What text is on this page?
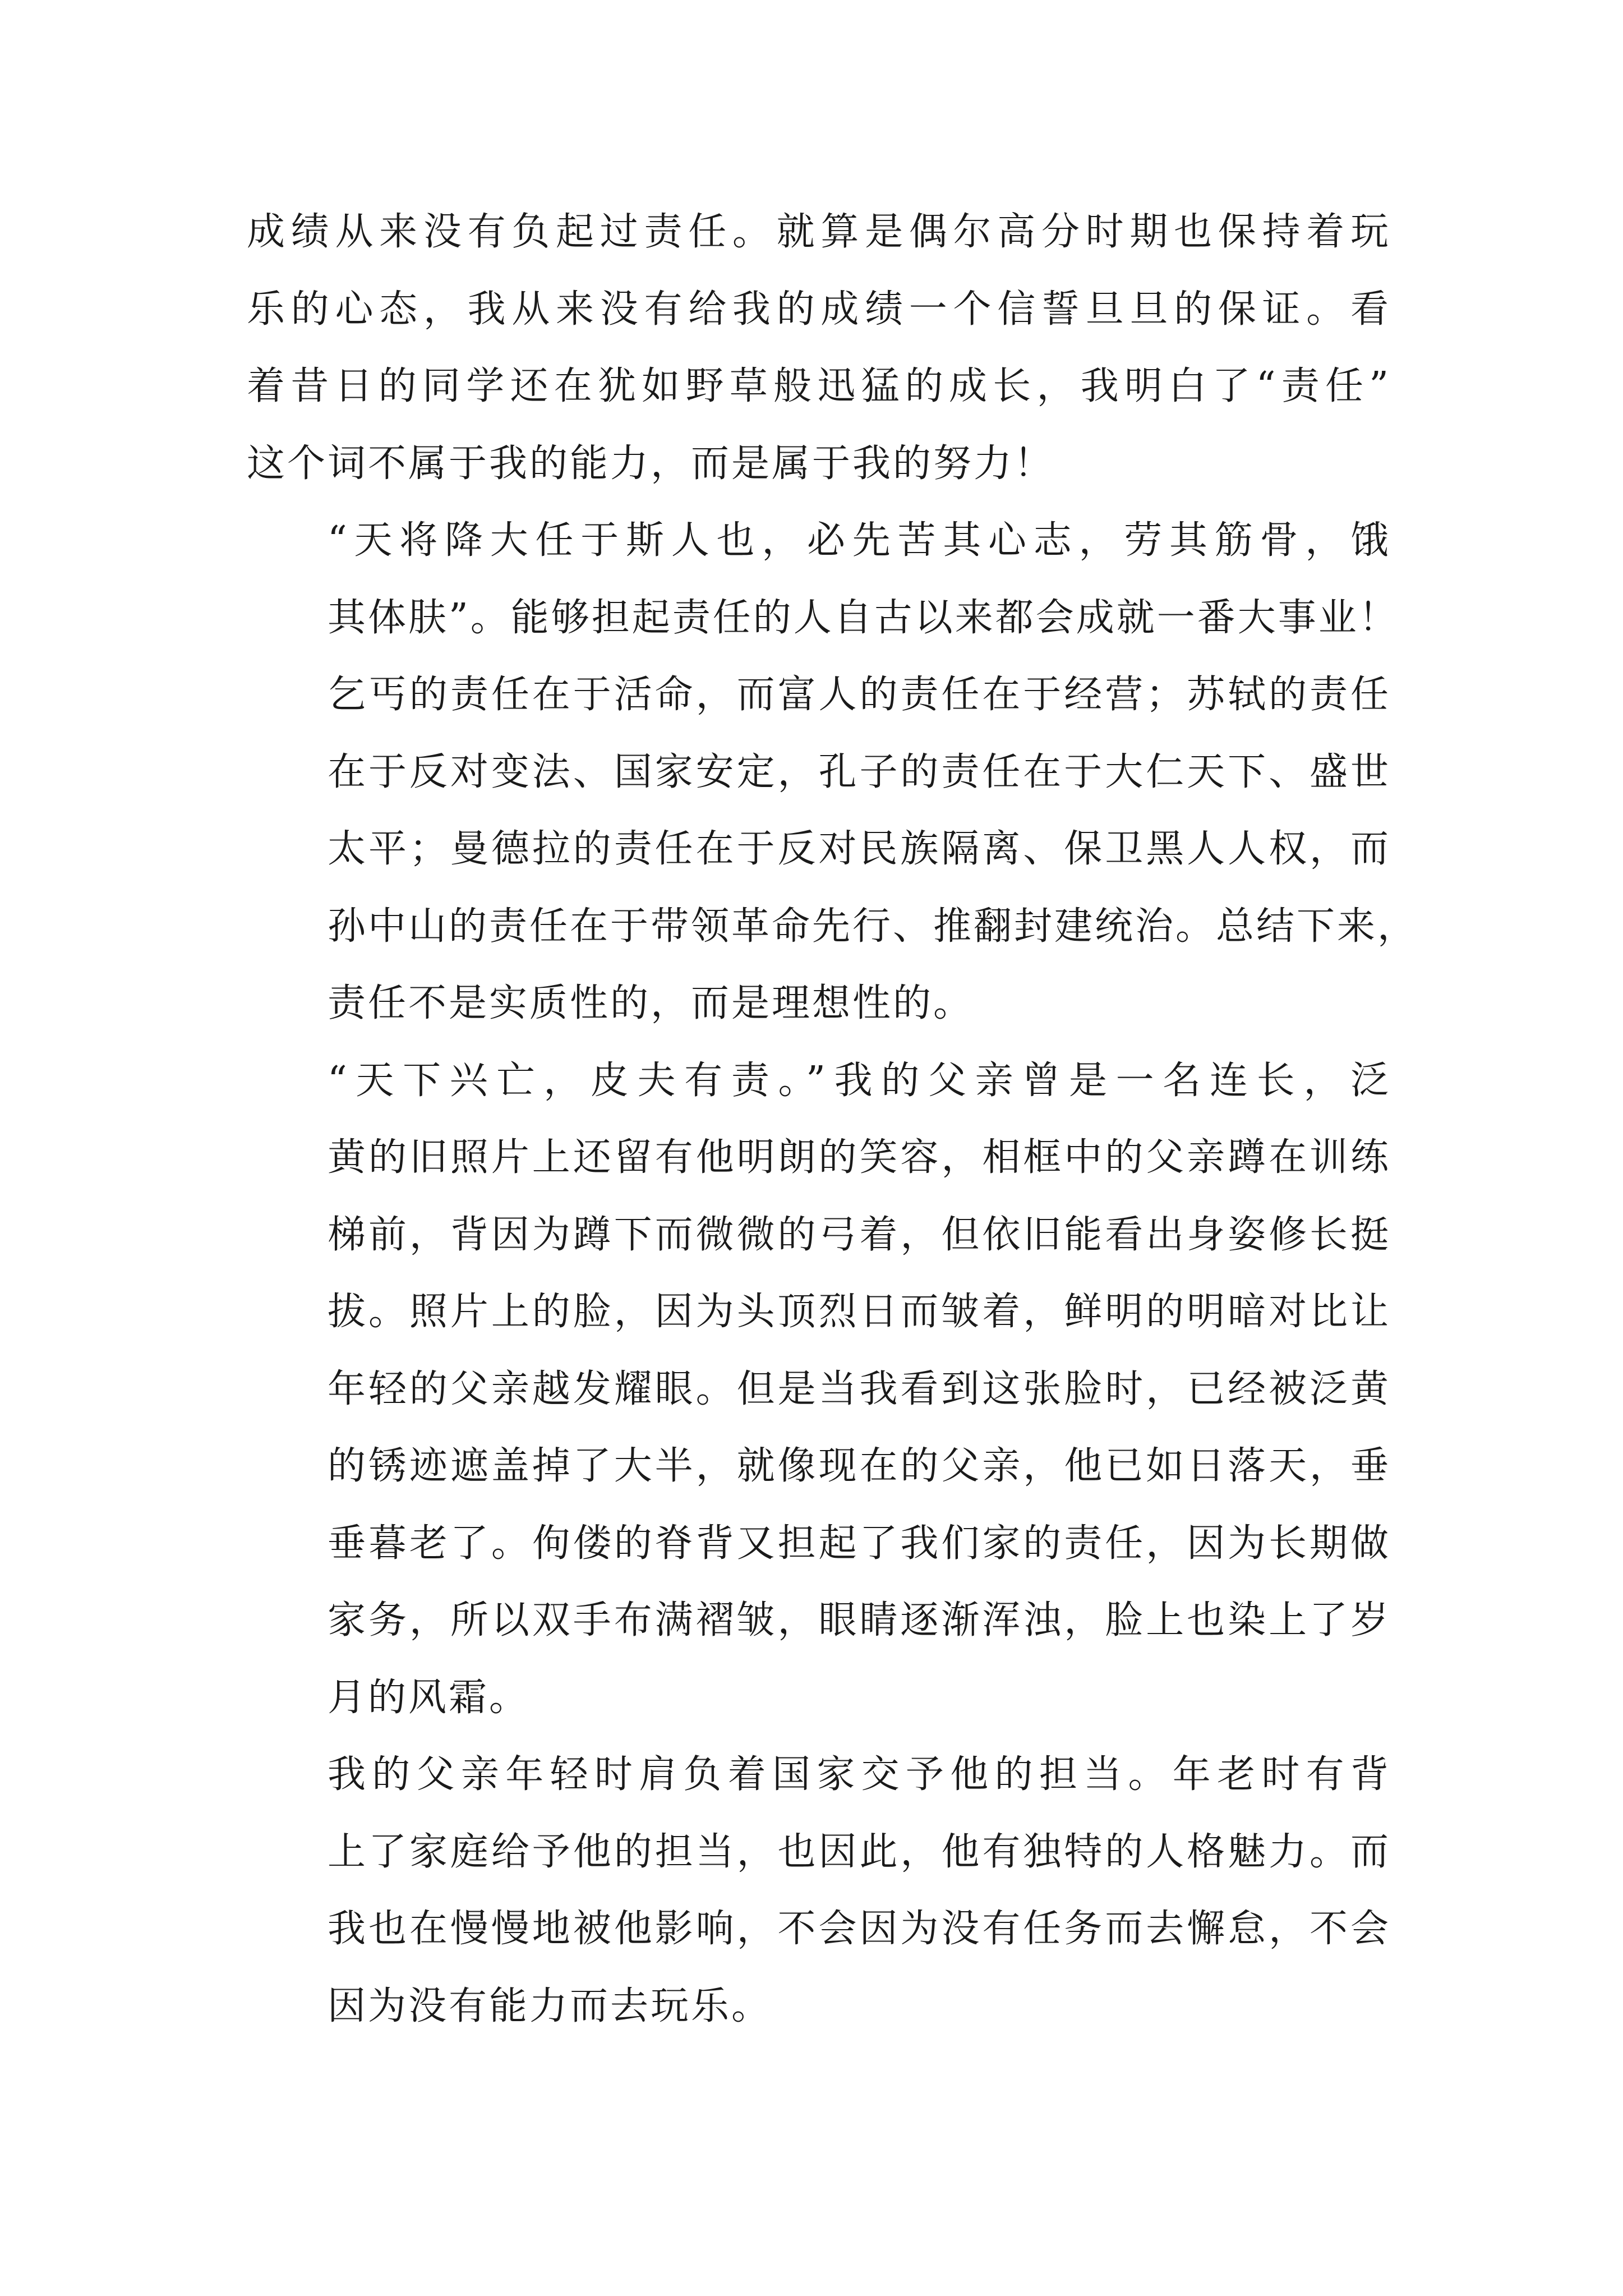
成绩从来没有负起过责任。就算是偶尔高分时期也保持着玩
乐的心态，我从来没有给我的成绩一个信誓旦旦的保证。看
着昔日的同学还在犹如野草般迅猛的成长，我明白了“责任”
这个词不属于我的能力，而是属于我的努力！
“天将降大任于斯人也，必先苦其心志，劳其筋骨，饿
其体肤”。能够担起责任的人自古以来都会成就一番大事业！
乞丐的责任在于活命，而富人的责任在于经营；苏轼的责任
在于反对变法、国家安定，孔子的责任在于大仁天下、盛世
太平；曼德拉的责任在于反对民族隔离、保卫黑人人权，而
孙中山的责任在于带领革命先行、推翻封建统治。总结下来，
责任不是实质性的，而是理想性的。
“天下兴亡，皮夫有责。”我的父亲曾是一名连长，泛
黄的旧照片上还留有他明朗的笑容，相框中的父亲蹲在训练
梯前，背因为蹲下而微微的弓着，但依旧能看出身姿修长挺
拔。照片上的脸，因为头顶烈日而皱着，鲜明的明暗对比让
年轻的父亲越发耀眼。但是当我看到这张脸时，已经被泛黄
的锈迹遮盖掉了大半，就像现在的父亲，他已如日落天，垂
垂暮老了。佝偻的脊背又担起了我们家的责任，因为长期做
家务，所以双手布满褶皱，眼睛逐渐浑浊，脸上也染上了岁
月的风霜。
我的父亲年轻时肩负着国家交予他的担当。年老时有背
上了家庭给予他的担当，也因此，他有独特的人格魅力。而
我也在慢慢地被他影响，不会因为没有任务而去懈怠，不会
因为没有能力而去玩乐。
